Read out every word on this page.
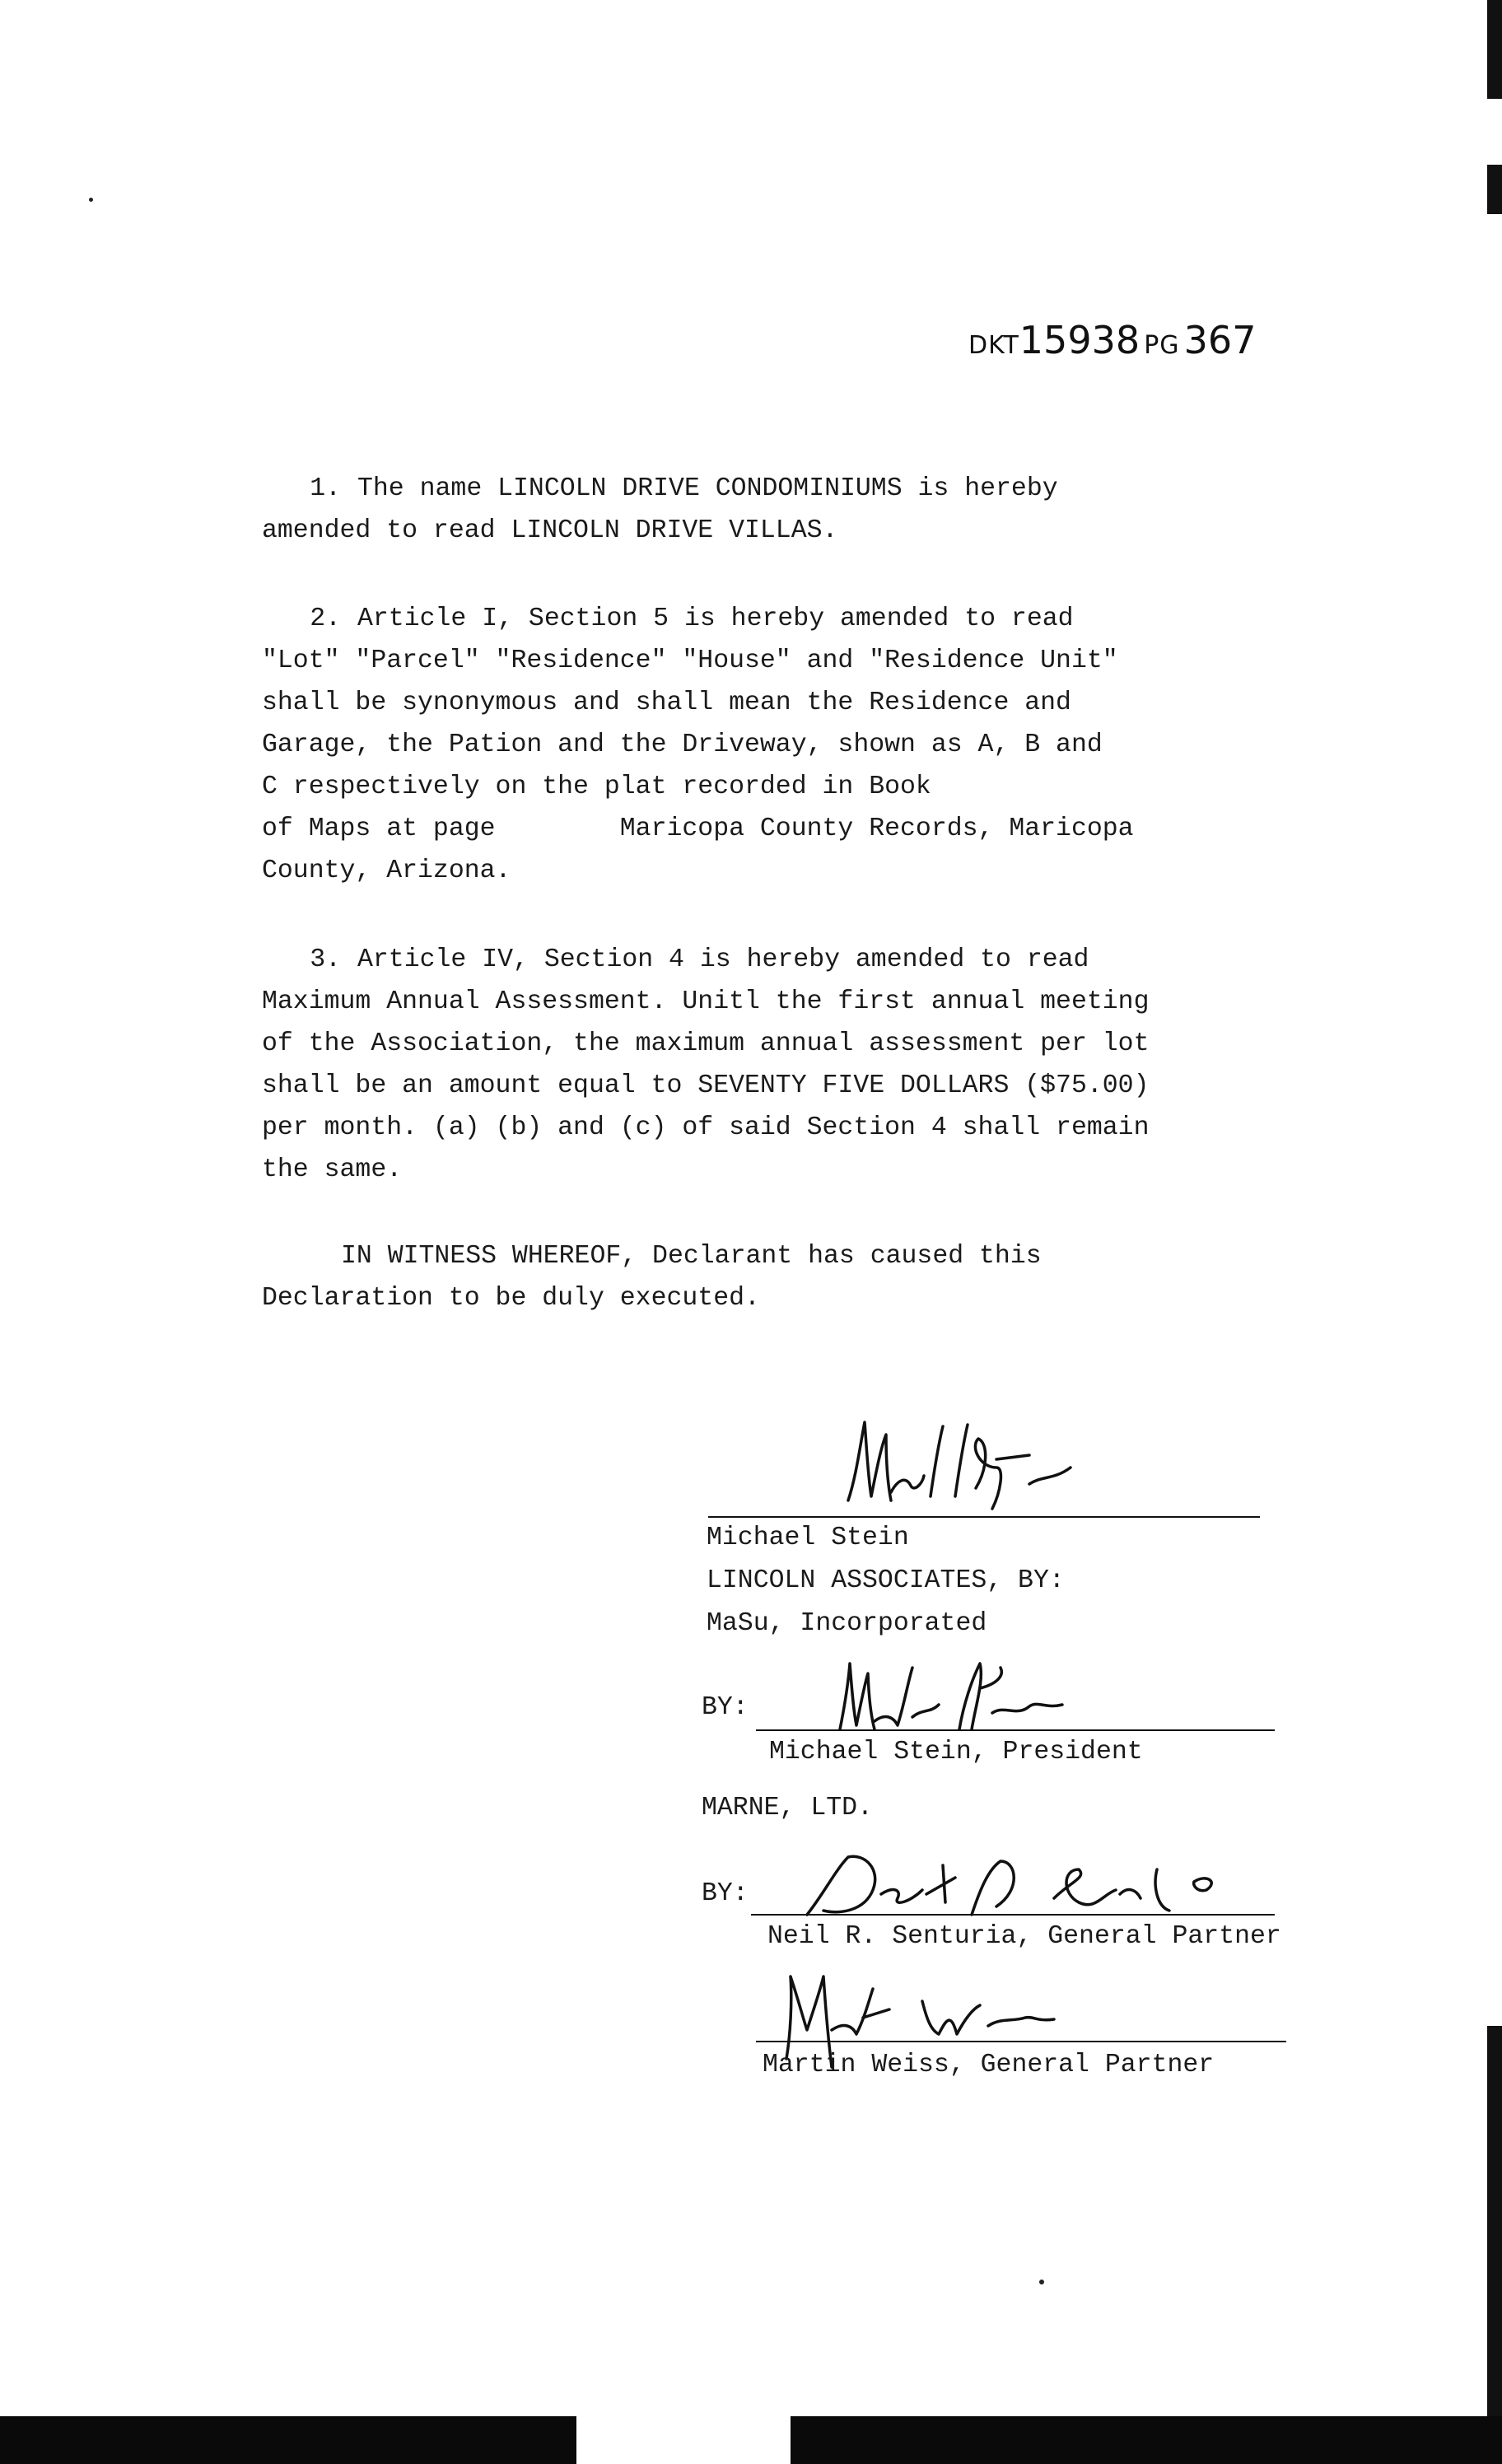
DKT15938 PG 367
1. The name LINCOLN DRIVE CONDOMINIUMS is hereby
amended to read LINCOLN DRIVE VILLAS.
2. Article I, Section 5 is hereby amended to read
"Lot" "Parcel" "Residence" "House" and "Residence Unit"
shall be synonymous and shall mean the Residence and
Garage, the Pation and the Driveway, shown as A, B and
C respectively on the plat recorded in Book
of Maps at page        Maricopa County Records, Maricopa
County, Arizona.
3. Article IV, Section 4 is hereby amended to read
Maximum Annual Assessment. Unitl the first annual meeting
of the Association, the maximum annual assessment per lot
shall be an amount equal to SEVENTY FIVE DOLLARS ($75.00)
per month. (a) (b) and (c) of said Section 4 shall remain
the same.
IN WITNESS WHEREOF, Declarant has caused this
Declaration to be duly executed.
Michael Stein
LINCOLN ASSOCIATES, BY:
MaSu, Incorporated
BY:
Michael Stein, President
MARNE, LTD.
BY:
Neil R. Senturia, General Partner
Martin Weiss, General Partner
